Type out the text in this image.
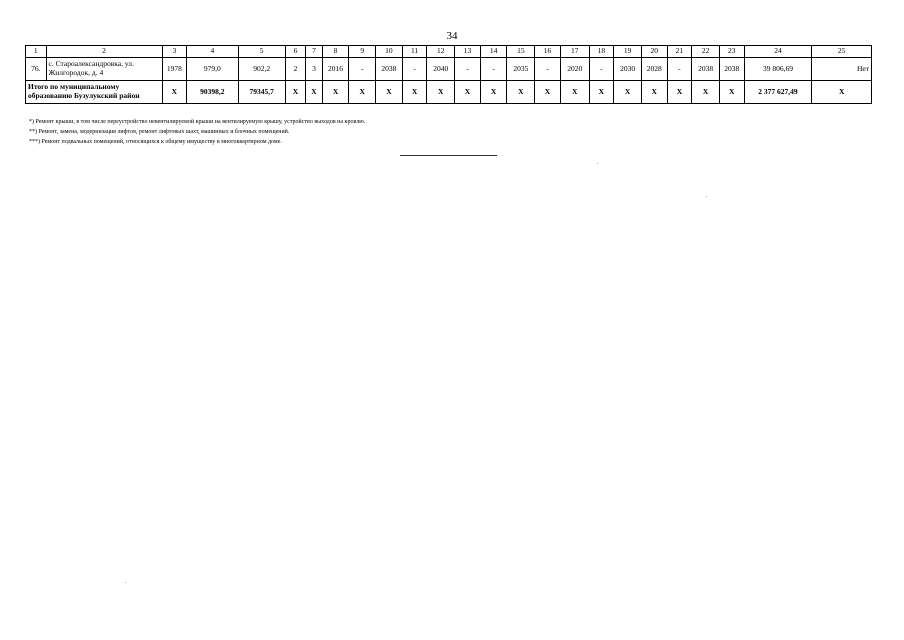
34
1	2	3	4	5	6	7	8	9	10	11	12	13	14	15	16	17	18	19	20	21	22	23	24	25
76.	с. Староалександровка, ул. Жилгородок, д. 4	1978	979,0	902,2	2	3	2016	-	2038	-	2040	-	-	2035	-	2020	-	2030	2028	-	2038	2038	39 806,69	Нет
Итого по муниципальному образованию Бузулукский район		Х	90398,2	79345,7	Х	Х	Х	Х	Х	Х	Х	Х	Х	Х	Х	Х	Х	Х	Х	Х	Х	Х	2 377 627,49	Х
*) Ремонт крыши, в том числе переустройство невентилируемой крыши на вентилируемую крышу, устройство выходов на кровлю.
**) Ремонт, замена, модернизация лифтов, ремонт лифтовых шахт, машинных и блочных помещений.
***) Ремонт подвальных помещений, относящихся к общему имуществу в многоквартирном доме.
